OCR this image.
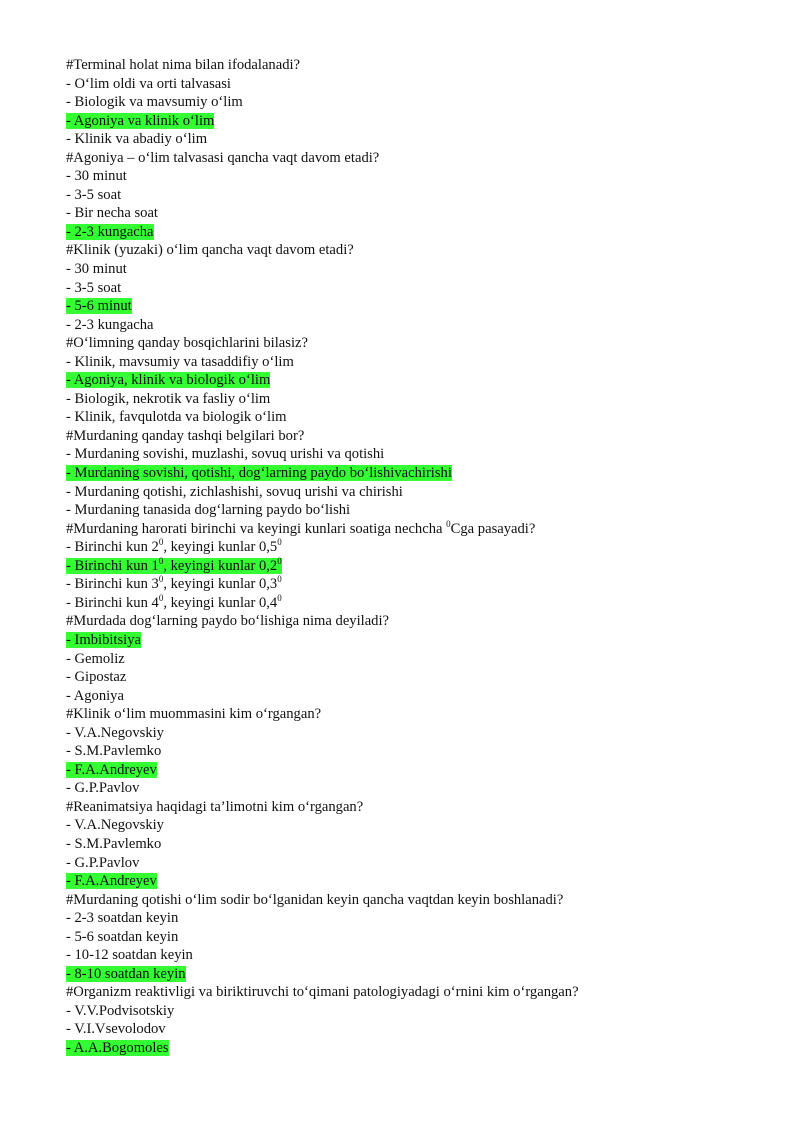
#Terminal holat nima bilan ifodalanadi?
- O‘lim oldi va orti talvasasi
- Biologik va mavsumiy o‘lim
- Agoniya va klinik o‘lim
- Klinik va abadiy o‘lim
#Agoniya – o‘lim talvasasi qancha vaqt davom etadi?
- 30 minut
- 3-5 soat
- Bir necha soat
- 2-3 kungacha
#Klinik (yuzaki) o‘lim qancha vaqt davom etadi?
- 30 minut
- 3-5 soat
- 5-6 minut
- 2-3 kungacha
#O‘limning qanday bosqichlarini bilasiz?
- Klinik, mavsumiy va tasaddifiy o‘lim
- Agoniya, klinik va biologik o‘lim
- Biologik, nekrotik va fasliy o‘lim
- Klinik, favqulotda va biologik o‘lim
#Murdaning qanday tashqi belgilari bor?
- Murdaning sovishi, muzlashi, sovuq urishi va qotishi
- Murdaning sovishi, qotishi, dog‘larning paydo bo‘lishivachirishi
- Murdaning qotishi, zichlashishi, sovuq urishi va chirishi
- Murdaning tanasida dog‘larning paydo bo‘lishi
#Murdaning harorati birinchi va keyingi kunlari soatiga nechcha $^0$Cga pasayadi?
- Birinchi kun $2^0$, keyingi kunlar $0,5^0$
- Birinchi kun $1^0$, keyingi kunlar $0,2^0$
- Birinchi kun $3^0$, keyingi kunlar $0,3^0$
- Birinchi kun $4^0$, keyingi kunlar $0,4^0$
#Murdada dog‘larning paydo bo‘lishiga nima deyiladi?
- Imbibitsiya
- Gemoliz
- Gipostaz
- Agoniya
#Klinik o‘lim muommasini kim o‘rgangan?
- V.A.Negovskiy
- S.M.Pavlemko
- F.A.Andreyev
- G.P.Pavlov
#Reanimatsiya haqidagi ta’limotni kim o‘rgangan?
- V.A.Negovskiy
- S.M.Pavlemko
- G.P.Pavlov
- F.A.Andreyev
#Murdaning qotishi o‘lim sodir bo‘lganidan keyin qancha vaqtdan keyin boshlanadi?
- 2-3 soatdan keyin
- 5-6 soatdan keyin
- 10-12 soatdan keyin
- 8-10 soatdan keyin
#Organizm reaktivligi va biriktiruvchi to‘qimani patologiyadagi o‘rnini kim o‘rgangan?
- V.V.Podvisotskiy
- V.I.Vsevolodov
- A.A.Bogomoles
